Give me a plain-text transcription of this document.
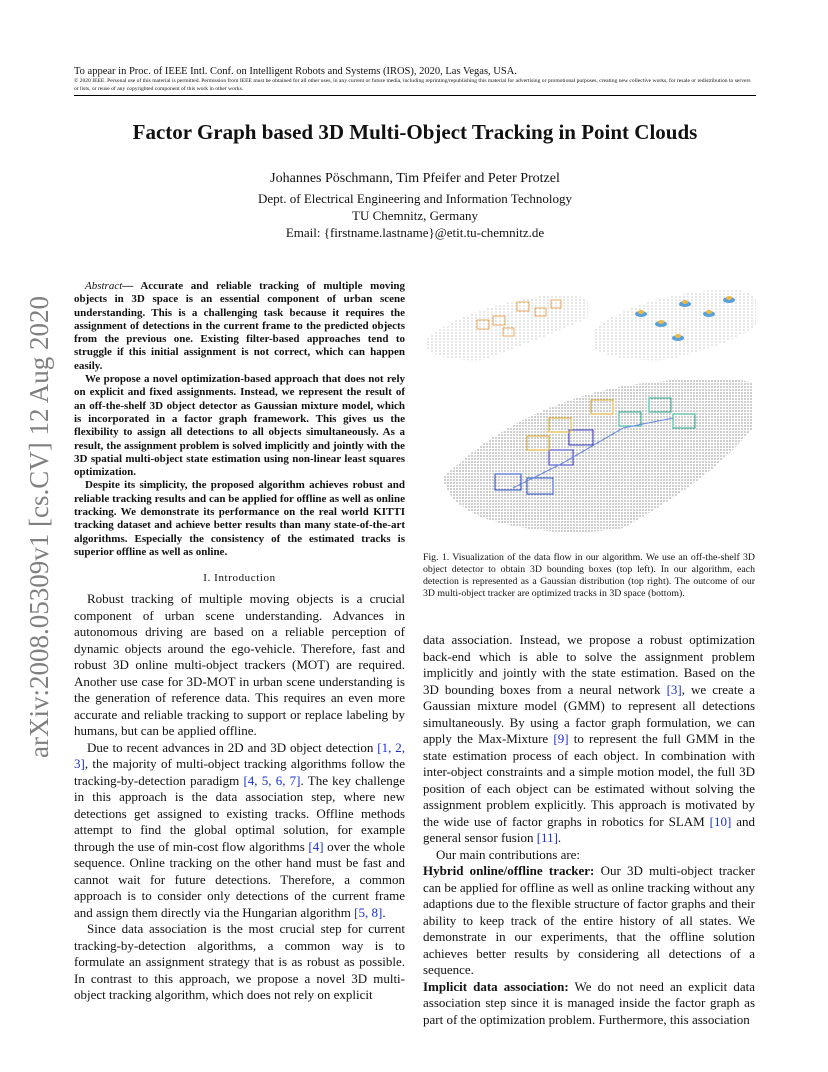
To appear in Proc. of IEEE Intl. Conf. on Intelligent Robots and Systems (IROS), 2020, Las Vegas, USA.
© 2020 IEEE. Personal use of this material is permitted. Permission from IEEE must be obtained for all other uses, in any current or future media, including reprinting/republishing this material for advertising or promotional purposes, creating new collective works, for resale or redistribution to servers or lists, or reuse of any copyrighted component of this work in other works.
Factor Graph based 3D Multi-Object Tracking in Point Clouds
Johannes Pöschmann, Tim Pfeifer and Peter Protzel
Dept. of Electrical Engineering and Information Technology
TU Chemnitz, Germany
Email: {firstname.lastname}@etit.tu-chemnitz.de
arXiv:2008.05309v1 [cs.CV] 12 Aug 2020

Abstract— Accurate and reliable tracking of multiple moving objects in 3D space is an essential component of urban scene understanding. This is a challenging task because it requires the assignment of detections in the current frame to the predicted objects from the previous one. Existing filter-based approaches tend to struggle if this initial assignment is not correct, which can happen easily.

We propose a novel optimization-based approach that does not rely on explicit and fixed assignments. Instead, we represent the result of an off-the-shelf 3D object detector as Gaussian mixture model, which is incorporated in a factor graph framework. This gives us the flexibility to assign all detections to all objects simultaneously. As a result, the assignment problem is solved implicitly and jointly with the 3D spatial multi-object state estimation using non-linear least squares optimization.

Despite its simplicity, the proposed algorithm achieves robust and reliable tracking results and can be applied for offline as well as online tracking. We demonstrate its performance on the real world KITTI tracking dataset and achieve better results than many state-of-the-art algorithms. Especially the consistency of the estimated tracks is superior offline as well as online.

I. Introduction

Robust tracking of multiple moving objects is a crucial component of urban scene understanding. Advances in autonomous driving are based on a reliable perception of dynamic objects around the ego-vehicle. Therefore, fast and robust 3D online multi-object trackers (MOT) are required. Another use case for 3D-MOT in urban scene understanding is the generation of reference data. This requires an even more accurate and reliable tracking to support or replace labeling by humans, but can be applied offline.

Due to recent advances in 2D and 3D object detection [1, 2, 3], the majority of multi-object tracking algorithms follow the tracking-by-detection paradigm [4, 5, 6, 7]. The key challenge in this approach is the data association step, where new detections get assigned to existing tracks. Offline methods attempt to find the global optimal solution, for example through the use of min-cost flow algorithms [4] over the whole sequence. Online tracking on the other hand must be fast and cannot wait for future detections. Therefore, a common approach is to consider only detections of the current frame and assign them directly via the Hungarian algorithm [5, 8].

Since data association is the most crucial step for current tracking-by-detection algorithms, a common way is to formulate an assignment strategy that is as robust as possible. In contrast to this approach, we propose a novel 3D multi-object tracking algorithm, which does not rely on explicit

Fig. 1. Visualization of the data flow in our algorithm. We use an off-the-shelf 3D object detector to obtain 3D bounding boxes (top left). In our algorithm, each detection is represented as a Gaussian distribution (top right). The outcome of our 3D multi-object tracker are optimized tracks in 3D space (bottom).

data association. Instead, we propose a robust optimization back-end which is able to solve the assignment problem implicitly and jointly with the state estimation. Based on the 3D bounding boxes from a neural network [3], we create a Gaussian mixture model (GMM) to represent all detections simultaneously. By using a factor graph formulation, we can apply the Max-Mixture [9] to represent the full GMM in the state estimation process of each object. In combination with inter-object constraints and a simple motion model, the full 3D position of each object can be estimated without solving the assignment problem explicitly. This approach is motivated by the wide use of factor graphs in robotics for SLAM [10] and general sensor fusion [11].

Our main contributions are:

Hybrid online/offline tracker: Our 3D multi-object tracker can be applied for offline as well as online tracking without any adaptions due to the flexible structure of factor graphs and their ability to keep track of the entire history of all states. We demonstrate in our experiments, that the offline solution achieves better results by considering all detections of a sequence.

Implicit data association: We do not need an explicit data association step since it is managed inside the factor graph as part of the optimization problem. Furthermore, this association
